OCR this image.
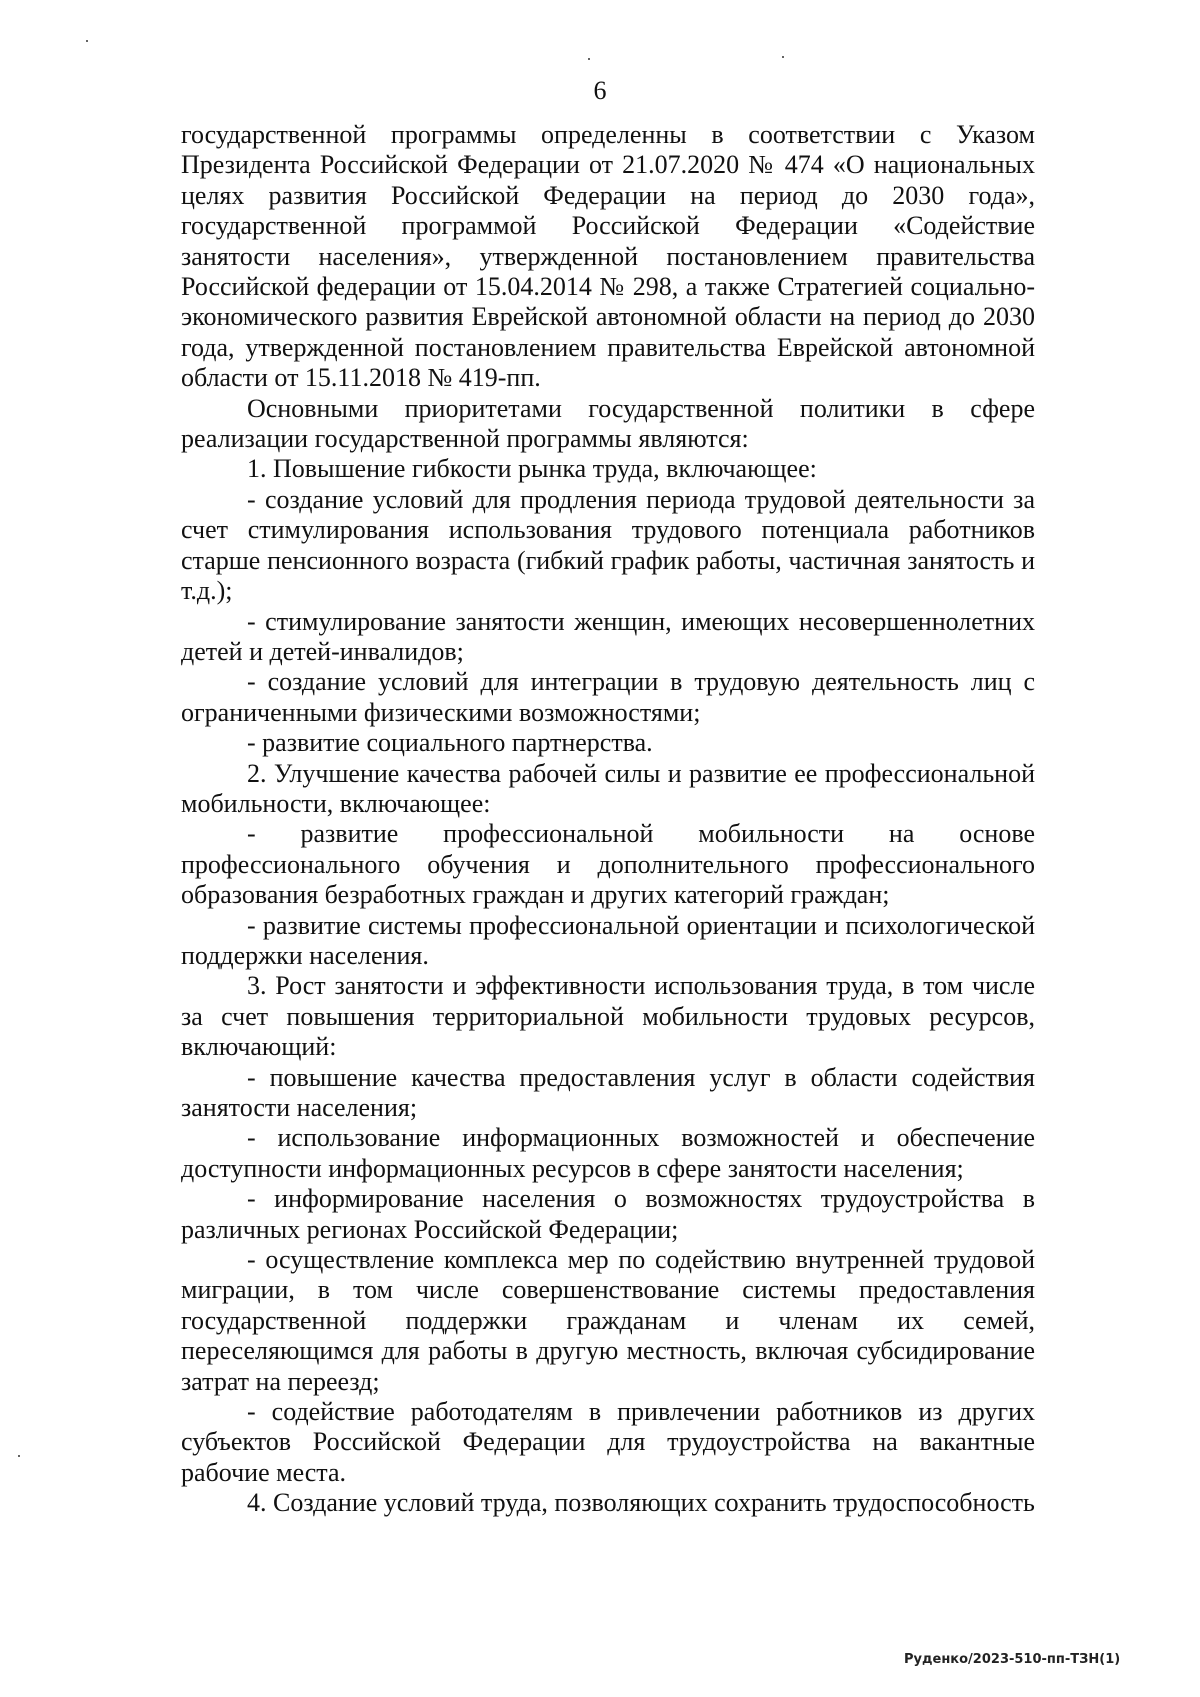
6

государственной программы определенны в соответствии с Указом Президента Российской Федерации от 21.07.2020 № 474 «О национальных целях развития Российской Федерации на период до 2030 года», государственной программой Российской Федерации «Содействие занятости населения», утвержденной постановлением правительства Российской федерации от 15.04.2014 № 298, а также Стратегией социально-экономического развития Еврейской автономной области на период до 2030 года, утвержденной постановлением правительства Еврейской автономной области от 15.11.2018 № 419-пп.

Основными приоритетами государственной политики в сфере реализации государственной программы являются:

1. Повышение гибкости рынка труда, включающее:

- создание условий для продления периода трудовой деятельности за счет стимулирования использования трудового потенциала работников старше пенсионного возраста (гибкий график работы, частичная занятость и т.д.);

- стимулирование занятости женщин, имеющих несовершеннолетних детей и детей-инвалидов;

- создание условий для интеграции в трудовую деятельность лиц с ограниченными физическими возможностями;

- развитие социального партнерства.

2. Улучшение качества рабочей силы и развитие ее профессиональной мобильности, включающее:

- развитие профессиональной мобильности на основе профессионального обучения и дополнительного профессионального образования безработных граждан и других категорий граждан;

- развитие системы профессиональной ориентации и психологической поддержки населения.

3. Рост занятости и эффективности использования труда, в том числе за счет повышения территориальной мобильности трудовых ресурсов, включающий:

- повышение качества предоставления услуг в области содействия занятости населения;

- использование информационных возможностей и обеспечение доступности информационных ресурсов в сфере занятости населения;

- информирование населения о возможностях трудоустройства в различных регионах Российской Федерации;

- осуществление комплекса мер по содействию внутренней трудовой миграции, в том числе совершенствование системы предоставления государственной поддержки гражданам и членам их семей, переселяющимся для работы в другую местность, включая субсидирование затрат на переезд;

- содействие работодателям в привлечении работников из других субъектов Российской Федерации для трудоустройства на вакантные рабочие места.

4. Создание условий труда, позволяющих сохранить трудоспособность

Руденко/2023-510-пп-ТЗН(1)
